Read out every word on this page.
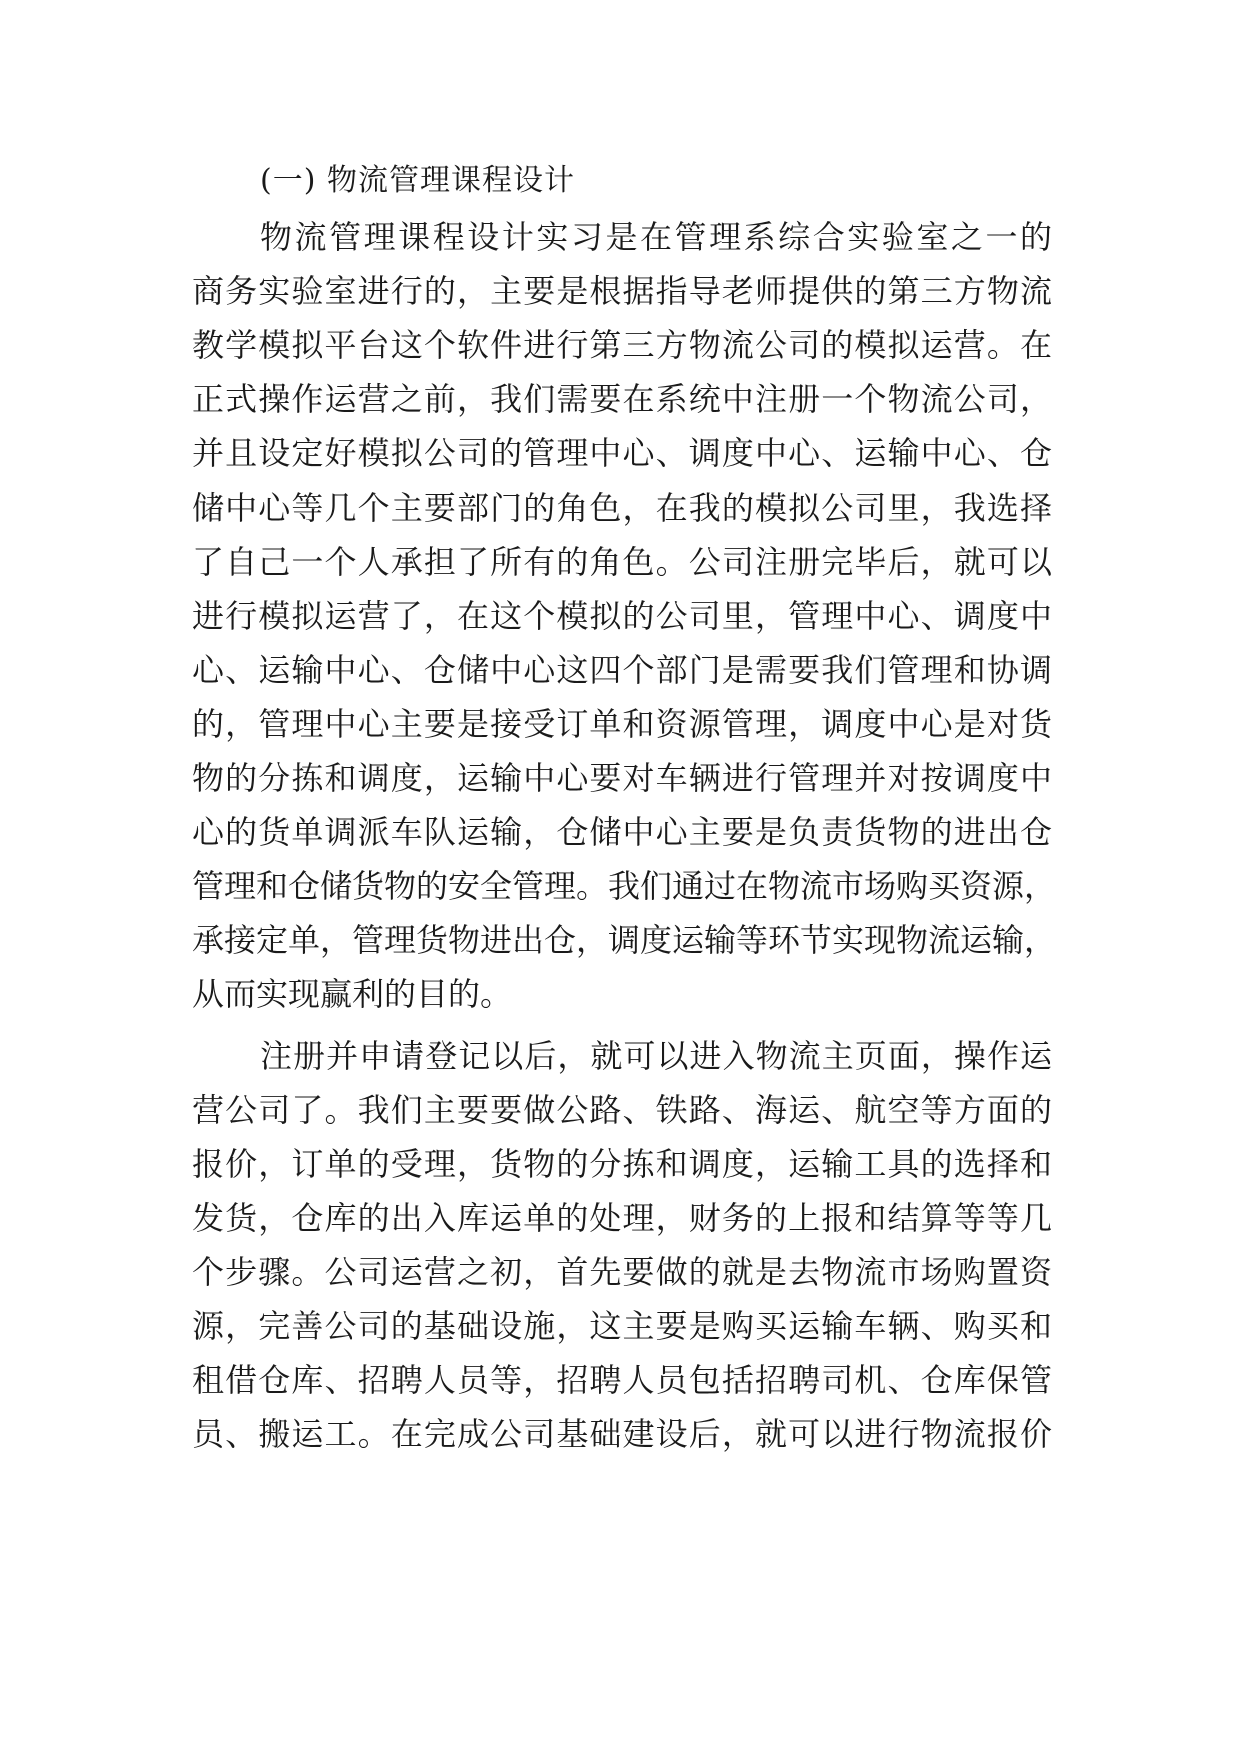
(一) 物流管理课程设计
物流管理课程设计实习是在管理系综合实验室之一的
商务实验室进行的，主要是根据指导老师提供的第三方物流
教学模拟平台这个软件进行第三方物流公司的模拟运营。在
正式操作运营之前，我们需要在系统中注册一个物流公司，
并且设定好模拟公司的管理中心、调度中心、运输中心、仓
储中心等几个主要部门的角色，在我的模拟公司里，我选择
了自己一个人承担了所有的角色。公司注册完毕后，就可以
进行模拟运营了，在这个模拟的公司里，管理中心、调度中
心、运输中心、仓储中心这四个部门是需要我们管理和协调
的，管理中心主要是接受订单和资源管理，调度中心是对货
物的分拣和调度，运输中心要对车辆进行管理并对按调度中
心的货单调派车队运输，仓储中心主要是负责货物的进出仓
管理和仓储货物的安全管理。我们通过在物流市场购买资源，
承接定单，管理货物进出仓，调度运输等环节实现物流运输，
从而实现赢利的目的。
注册并申请登记以后，就可以进入物流主页面，操作运
营公司了。我们主要要做公路、铁路、海运、航空等方面的
报价，订单的受理，货物的分拣和调度，运输工具的选择和
发货，仓库的出入库运单的处理，财务的上报和结算等等几
个步骤。公司运营之初，首先要做的就是去物流市场购置资
源，完善公司的基础设施，这主要是购买运输车辆、购买和
租借仓库、招聘人员等，招聘人员包括招聘司机、仓库保管
员、搬运工。在完成公司基础建设后，就可以进行物流报价
